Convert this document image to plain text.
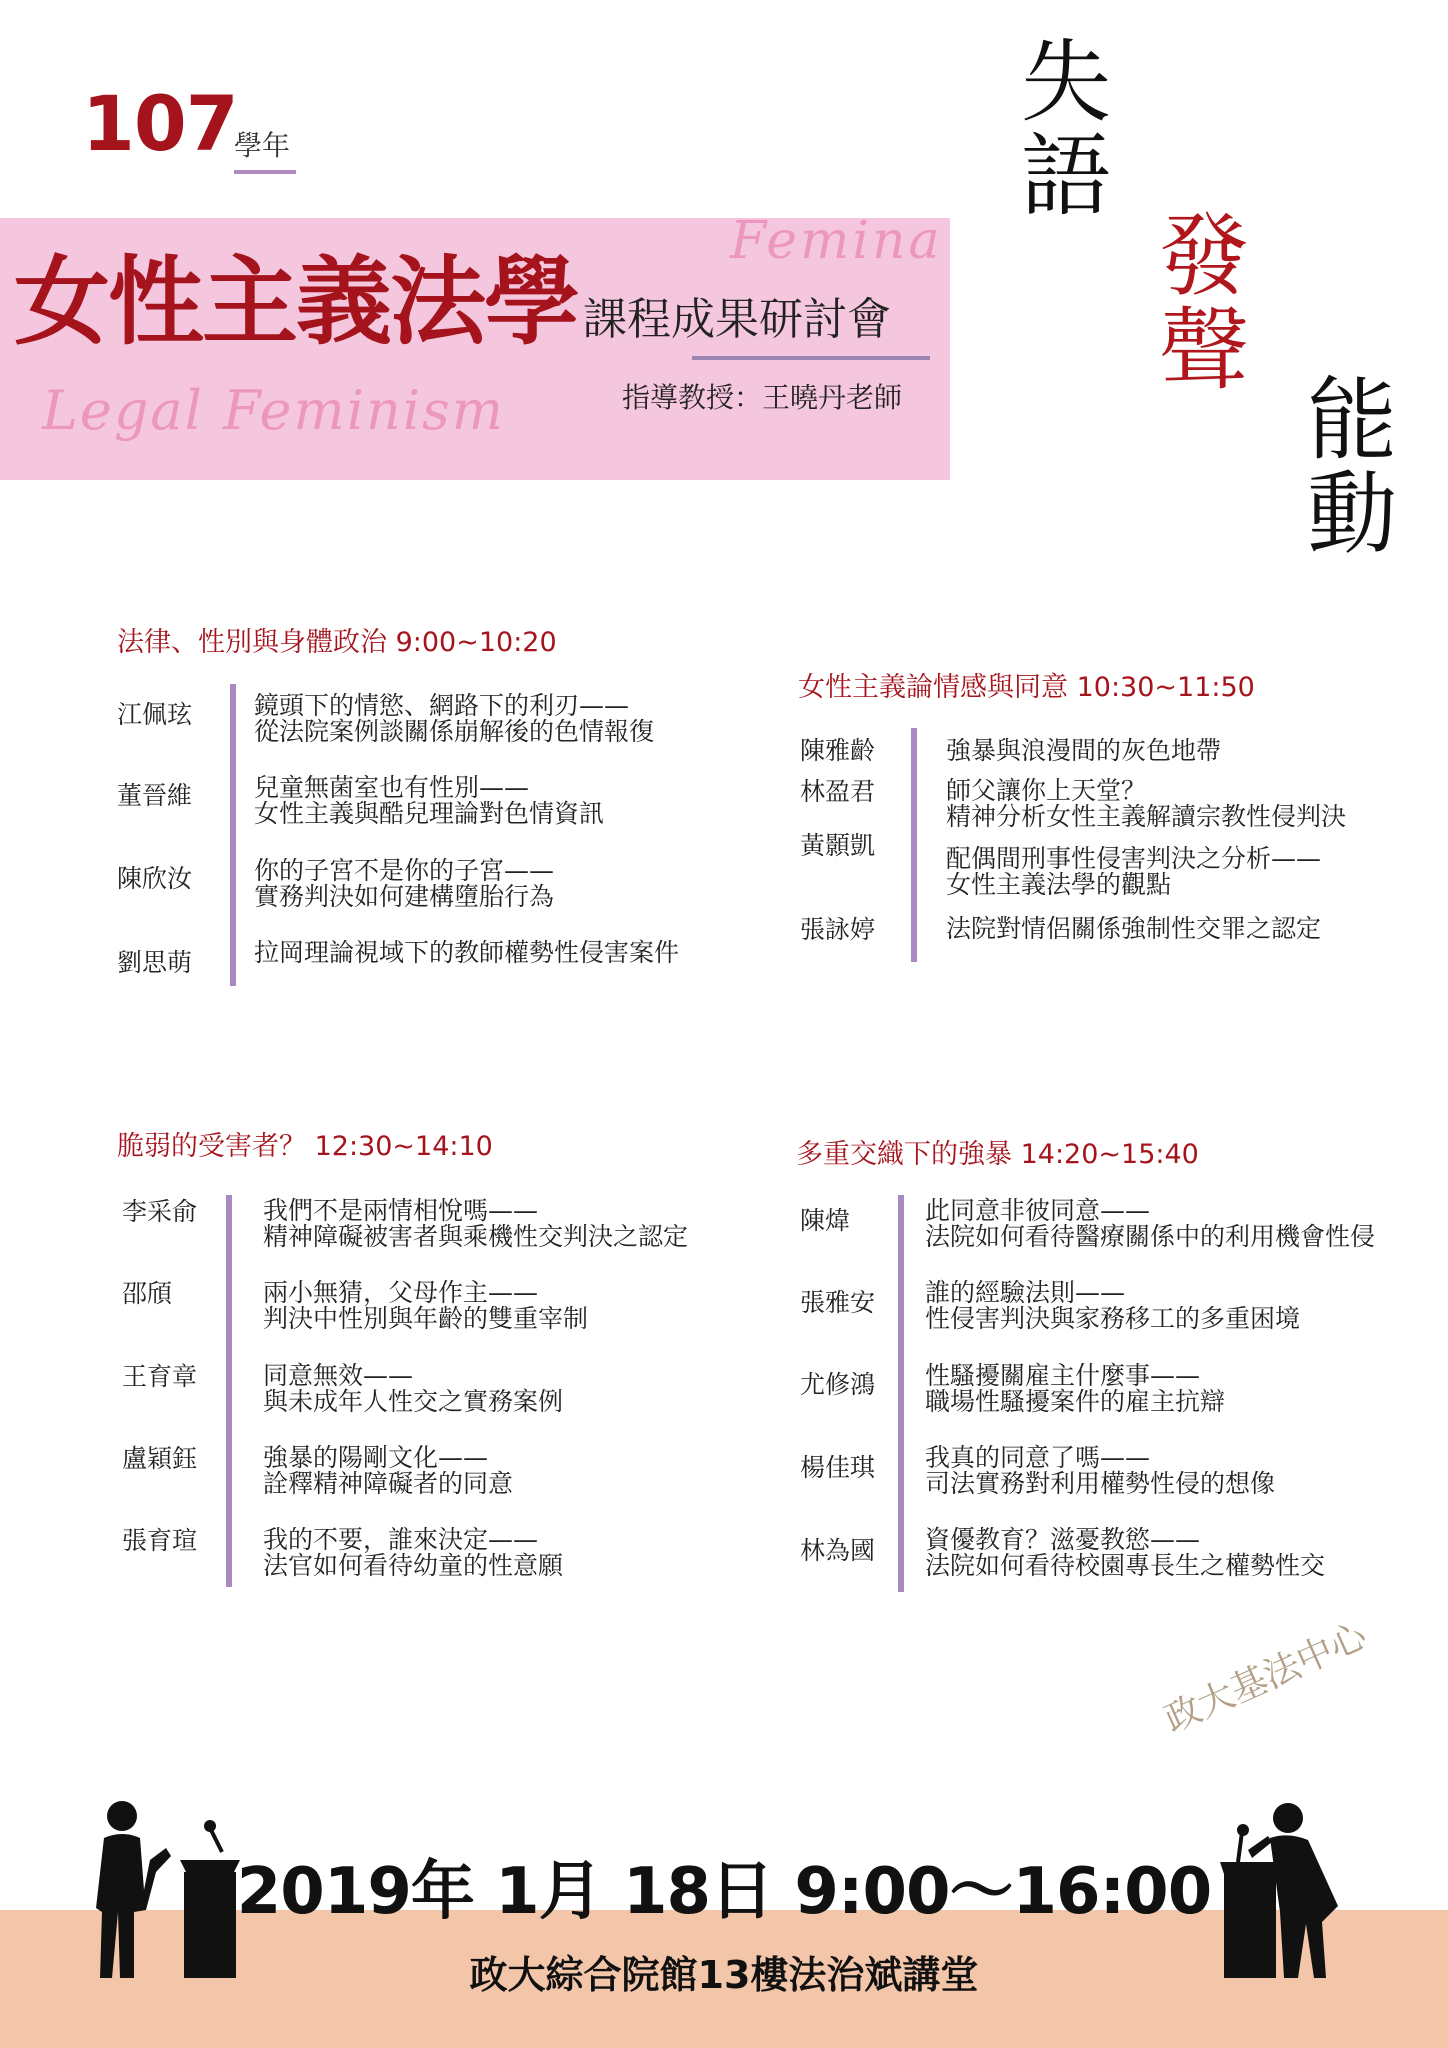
107
學年
Femina
女性主義法學 課程成果研討會
Legal Feminism	指導教授：王曉丹老師
失語
發聲
能動
法律、性別與身體政治 9:00~10:20
江佩玹 鏡頭下的情慾、網路下的利刃——
從法院案例談關係崩解後的色情報復
董晉維 兒童無菌室也有性別——
女性主義與酷兒理論對色情資訊
陳欣汝 你的子宮不是你的子宮——
實務判決如何建構墮胎行為
劉思萌 拉岡理論視域下的教師權勢性侵害案件
女性主義論情感與同意 10:30~11:50
陳雅齡	強暴與浪漫間的灰色地帶
林盈君	師父讓你上天堂？
精神分析女性主義解讀宗教性侵判決
黃顥凱	配偶間刑事性侵害判決之分析——
女性主義法學的觀點
張詠婷	法院對情侶關係強制性交罪之認定
脆弱的受害者？ 12:30~14:10
李采俞	我們不是兩情相悅嗎——
精神障礙被害者與乘機性交判決之認定
邵頎	兩小無猜，父母作主——
判決中性別與年齡的雙重宰制
王育章	同意無效——
與未成年人性交之實務案例
盧穎鈺	強暴的陽剛文化——
詮釋精神障礙者的同意
張育瑄	我的不要，誰來決定——
法官如何看待幼童的性意願
多重交織下的強暴 14:20~15:40
陳煒	此同意非彼同意——
法院如何看待醫療關係中的利用機會性侵
張雅安 誰的經驗法則——
性侵害判決與家務移工的多重困境
尤修鴻 性騷擾關雇主什麼事——
職場性騷擾案件的雇主抗辯
楊佳琪 我真的同意了嗎——
司法實務對利用權勢性侵的想像
林為國 資優教育？滋憂教慾——
法院如何看待校園專長生之權勢性交
政大基法中心
2019年 1月 18日 9:00～16:00
政大綜合院館13樓法治斌講堂
